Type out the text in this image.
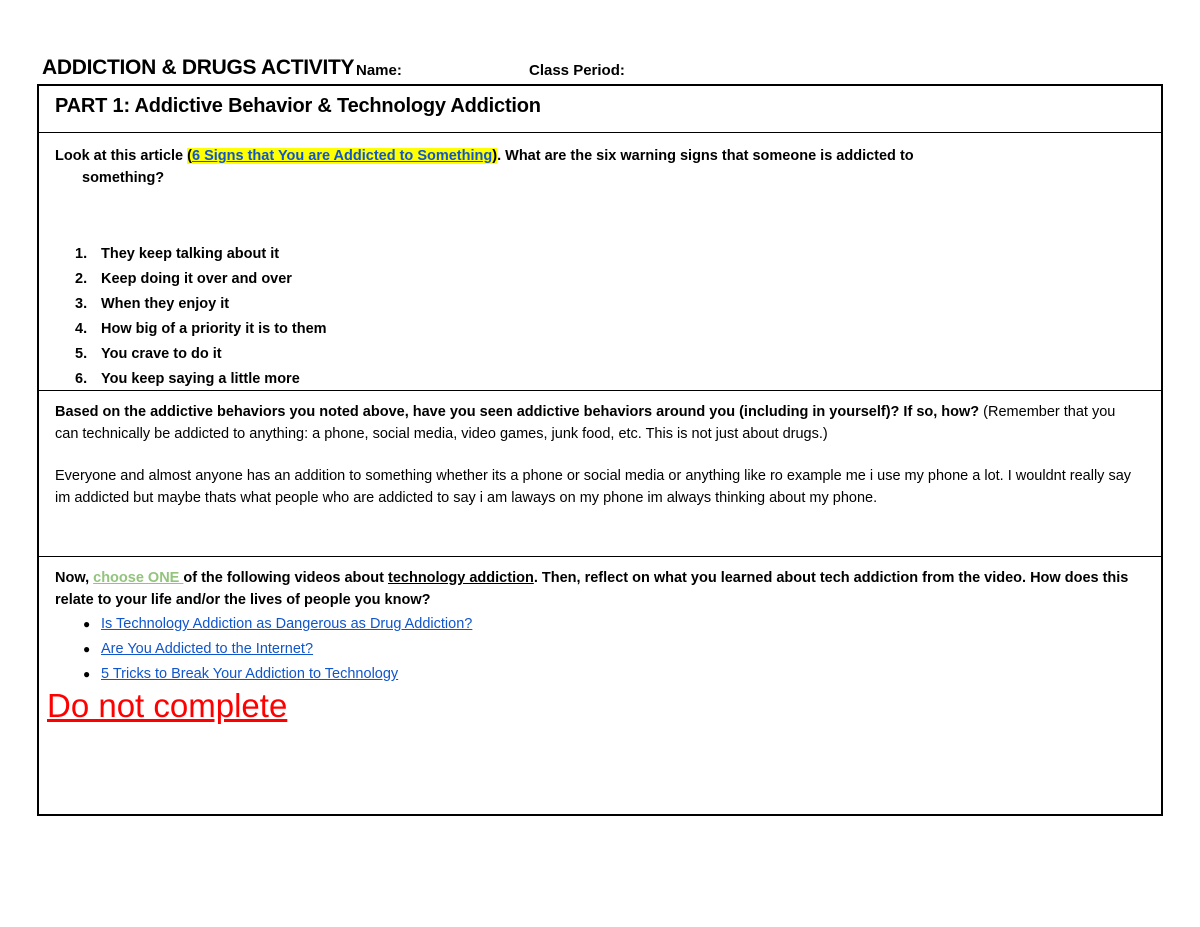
ADDICTION & DRUGS ACTIVITY Name:	Class Period:
PART 1: Addictive Behavior & Technology Addiction
Look at this article (6 Signs that You are Addicted to Something). What are the six warning signs that someone is addicted to
something?
1. They keep talking about it
2. Keep doing it over and over
3. When they enjoy it
4. How big of a priority it is to them
5. You crave to do it
6. You keep saying a little more
Based on the addictive behaviors you noted above, have you seen addictive behaviors around you (including in yourself)? If so, how? (Remember that you can technically be addicted to anything: a phone, social media, video games, junk food, etc. This is not just about drugs.)
Everyone and almost anyone has an addition to something whether its a phone or social media or anything like ro example me i use my phone a lot. I wouldnt really say im addicted but maybe thats what people who are addicted to say i am laways on my phone im always thinking about my phone.
Now, choose ONE of the following videos about technology addiction. Then, reflect on what you learned about tech addiction from the video. How does this relate to your life and/or the lives of people you know?
● Is Technology Addiction as Dangerous as Drug Addiction?
● Are You Addicted to the Internet?
● 5 Tricks to Break Your Addiction to Technology
Do not complete
